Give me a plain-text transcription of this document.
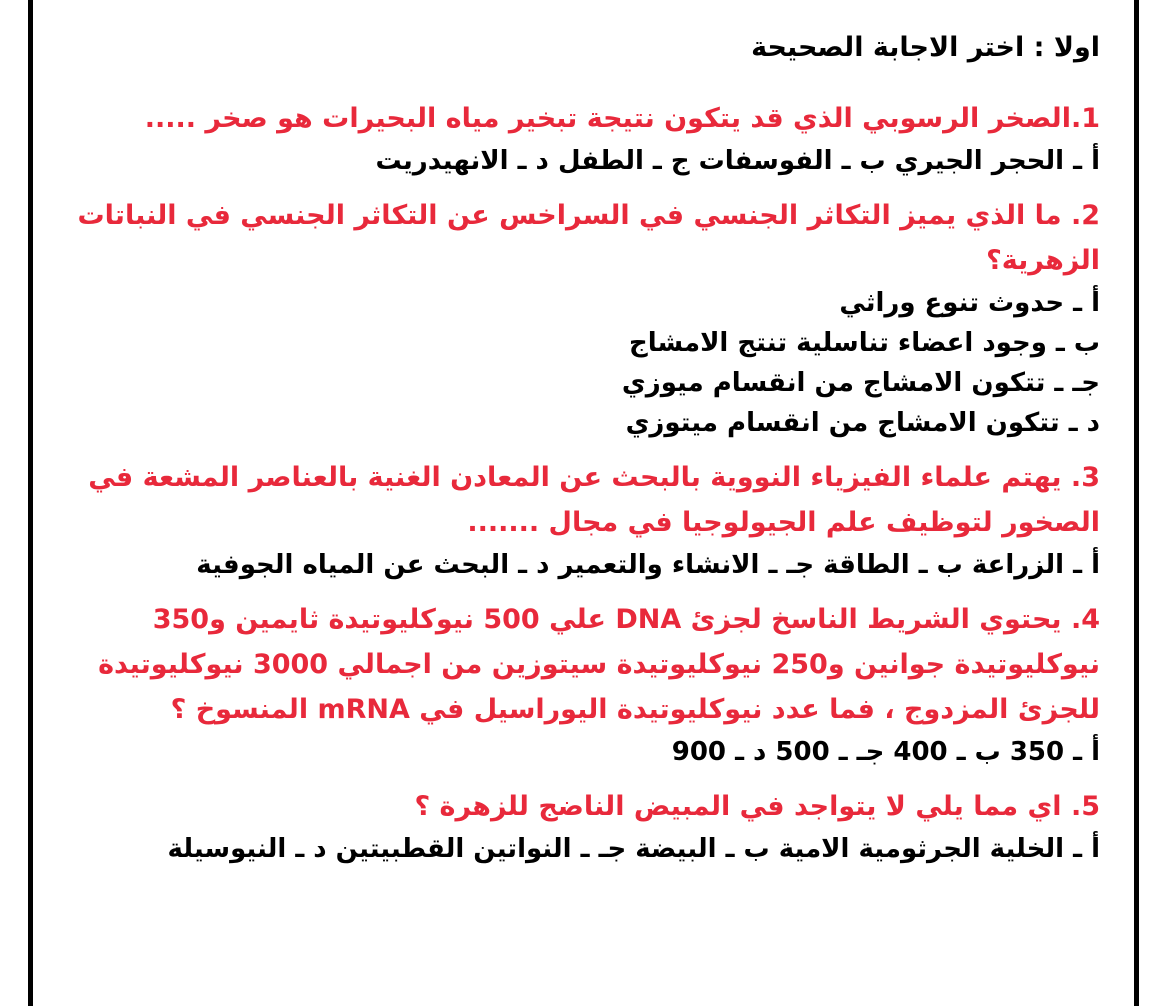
اولا : اختر الاجابة الصحيحة
1.الصخر الرسوبي الذي قد يتكون نتيجة تبخير مياه البحيرات هو صخر .....
أ ـ الحجر الجيري ب ـ الفوسفات ج ـ الطفل د ـ الانهيدريت
2. ما الذي يميز التكاثر الجنسي في السراخس عن التكاثر الجنسي في النباتات الزهرية؟
أ ـ حدوث تنوع وراثي
ب ـ وجود اعضاء تناسلية تنتج الامشاج
جـ ـ تتكون الامشاج من انقسام ميوزي
د ـ تتكون الامشاج من انقسام ميتوزي
3. يهتم علماء الفيزياء النووية بالبحث عن المعادن الغنية بالعناصر المشعة في الصخور لتوظيف علم الجيولوجيا في مجال .......
أ ـ الزراعة ب ـ الطاقة جـ ـ الانشاء والتعمير د ـ البحث عن المياه الجوفية
4. يحتوي الشريط الناسخ لجزئ DNA علي 500 نيوكليوتيدة ثايمين و350 نيوكليوتيدة جوانين و250 نيوكليوتيدة سيتوزين من اجمالي 3000 نيوكليوتيدة للجزئ المزدوج ، فما عدد نيوكليوتيدة اليوراسيل في mRNA المنسوخ ؟
أ ـ 350 ب ـ 400 جـ ـ 500 د ـ 900
5. اي مما يلي لا يتواجد في المبيض الناضج للزهرة ؟
أ ـ الخلية الجرثومية الامية ب ـ البيضة جـ ـ النواتين القطبيتين د ـ النيوسيلة
